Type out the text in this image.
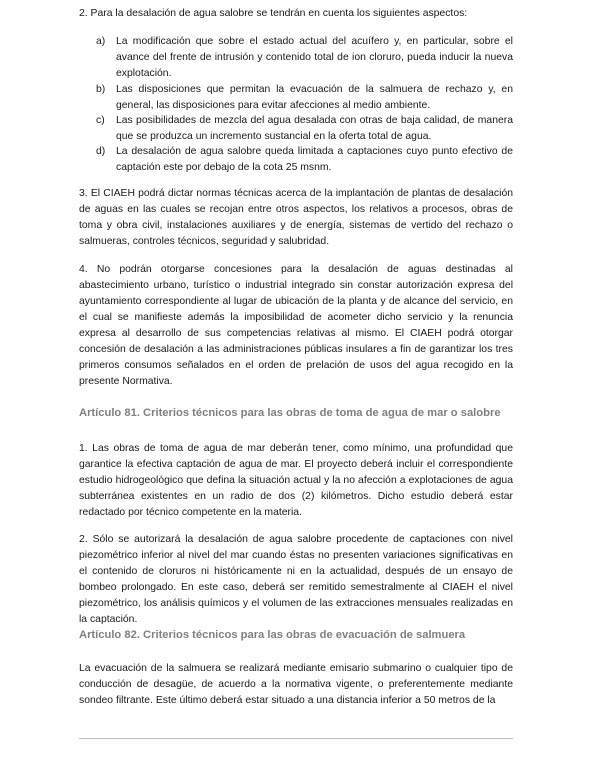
2. Para la desalación de agua salobre se tendrán en cuenta los siguientes aspectos:

a)	La modificación que sobre el estado actual del acuífero y, en particular, sobre el avance del frente de intrusión y contenido total de ion cloruro, pueda inducir la nueva explotación.
b)	Las disposiciones que permitan la evacuación de la salmuera de rechazo y, en general, las disposiciones para evitar afecciones al medio ambiente.
c)	Las posibilidades de mezcla del agua desalada con otras de baja calidad, de manera que se produzca un incremento sustancial en la oferta total de agua.
d)	La desalación de agua salobre queda limitada a captaciones cuyo punto efectivo de captación este por debajo de la cota 25 msnm.

3. El CIAEH podrá dictar normas técnicas acerca de la implantación de plantas de desalación de aguas en las cuales se recojan entre otros aspectos, los relativos a procesos, obras de toma y obra civil, instalaciones auxiliares y de energía, sistemas de vertido del rechazo o salmueras, controles técnicos, seguridad y salubridad.

4. No podrán otorgarse concesiones para la desalación de aguas destinadas al abastecimiento urbano, turístico o industrial integrado sin constar autorización expresa del ayuntamiento correspondiente al lugar de ubicación de la planta y de alcance del servicio, en el cual se manifieste además la imposibilidad de acometer dicho servicio y la renuncia expresa al desarrollo de sus competencias relativas al mismo. El CIAEH podrá otorgar concesión de desalación a las administraciones públicas insulares a fin de garantizar los tres primeros consumos señalados en el orden de prelación de usos del agua recogido en la presente Normativa.

Artículo 81. Criterios técnicos para las obras de toma de agua de mar o salobre

1. Las obras de toma de agua de mar deberán tener, como mínimo, una profundidad que garantice la efectiva captación de agua de mar. El proyecto deberá incluir el correspondiente estudio hidrogeológico que defina la situación actual y la no afección a explotaciones de agua subterránea existentes en un radio de dos (2) kilómetros. Dicho estudio deberá estar redactado por técnico competente en la materia.

2. Sólo se autorizará la desalación de agua salobre procedente de captaciones con nivel piezométrico inferior al nivel del mar cuando éstas no presenten variaciones significativas en el contenido de cloruros ni históricamente ni en la actualidad, después de un ensayo de bombeo prolongado. En este caso, deberá ser remitido semestralmente al CIAEH el nivel piezométrico, los análisis químicos y el volumen de las extracciones mensuales realizadas en la captación.

Artículo 82. Criterios técnicos para las obras de evacuación de salmuera

La evacuación de la salmuera se realizará mediante emisario submarino o cualquier tipo de conducción de desagüe, de acuerdo a la normativa vigente, o preferentemente mediante sondeo filtrante. Este último deberá estar situado a una distancia inferior a 50 metros de la
